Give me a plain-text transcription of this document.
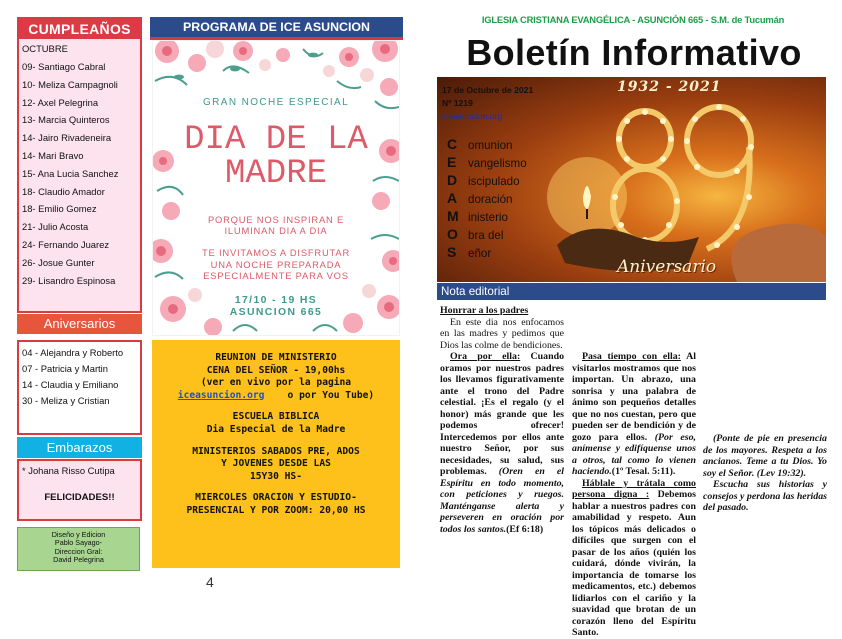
CUMPLEAÑOS
OCTUBRE
09- Santiago Cabral
10- Meliza Campagnoli
12- Axel Pelegrina
13- Marcia Quinteros
14- Jairo Rivadeneira
14- Mari Bravo
15- Ana Lucia Sanchez
18- Claudio Amador
18- Emilio Gomez
21- Julio Acosta
24- Fernando Juarez
26- Josue Gunter
29- Lisandro Espinosa
Aniversarios
04 - Alejandra y Roberto
07 - Patricia y Martin
14 - Claudia y Emiliano
30 - Meliza y Cristian
Embarazos
* Johana Risso Cutipa
FELICIDADES!!
Diseño y Edicion
Pablo Sayago-
Direccion Gral:
David Pelegrina
PROGRAMA DE ICE ASUNCION
GRAN NOCHE ESPECIAL
DIA DE LA
MADRE
PORQUE NOS INSPIRAN E
ILUMINAN DIA A DIA
TE INVITAMOS A DISFRUTAR
UNA NOCHE PREPARADA
ESPECIALMENTE PARA VOS
17/10 - 19 HS
ASUNCION 665
REUNION DE MINISTERIO
CENA DEL SEÑOR - 19,00hs
(ver en vivo por la pagina
iceasuncion.org o por You Tube)
ESCUELA BIBLICA
Dia Especial de la Madre
MINISTERIOS SABADOS PRE, ADOS
Y JOVENES DESDE LAS
15Y30 HS-
MIERCOLES ORACION Y ESTUDIO-
PRESENCIAL Y POR ZOOM: 20,00 HS
4
IGLESIA CRISTIANA EVANGÉLICA - ASUNCIÓN 665 - S.M. de Tucumán
Boletín Informativo
17 de Octubre de 2021
Nº 1219
iceasuncion.org
1932 - 2021
C omunion
E vangelismo
D iscipulado
A doración
M inisterio
O bra del
S eñor
Aniversario
Nota editorial

Honrrar a los padres

En este dia nos enfocamos en las madres y pedimos que Dios las colme de bendiciones.

Ora por ella: Cuando oramos por nuestros padres los llevamos figurativamente ante el trono del Padre celestial. ¡Es el regalo (y el honor) más grande que les podemos ofrecer! Intercedemos por ellos ante nuestro Señor, por sus necesidades, su salud, sus problemas. (Oren en el Espíritu en todo momento, con peticiones y ruegos. Manténganse alerta y perseveren en oración por todos los santos.(Ef 6:18)

Pasa tiempo con ella: Al visitarlos mostramos que nos importan. Un abrazo, una sonrisa y una palabra de ánimo son pequeños detalles que no nos cuestan, pero que pueden ser de bendición y de gozo para ellos. (Por eso, anímense y edifíquense unos a otros, tal como lo vienen haciendo.(1º Tesal. 5:11).

Háblale y trátala como persona digna : Debemos hablar a nuestros padres con amabilidad y respeto. Aun los tópicos más delicados o difíciles que surgen con el pasar de los años (quién los cuidará, dónde vivirán, la importancia de tomarse los medicamentos, etc.) debemos lidiarlos con el cariño y la suavidad que brotan de un corazón lleno del Espíritu Santo.

(Ponte de pie en presencia de los mayores. Respeta a los ancianos. Teme a tu Dios. Yo soy el Señor. (Lev 19:32).

Escucha sus historias y consejos y perdona las heridas del pasado.
